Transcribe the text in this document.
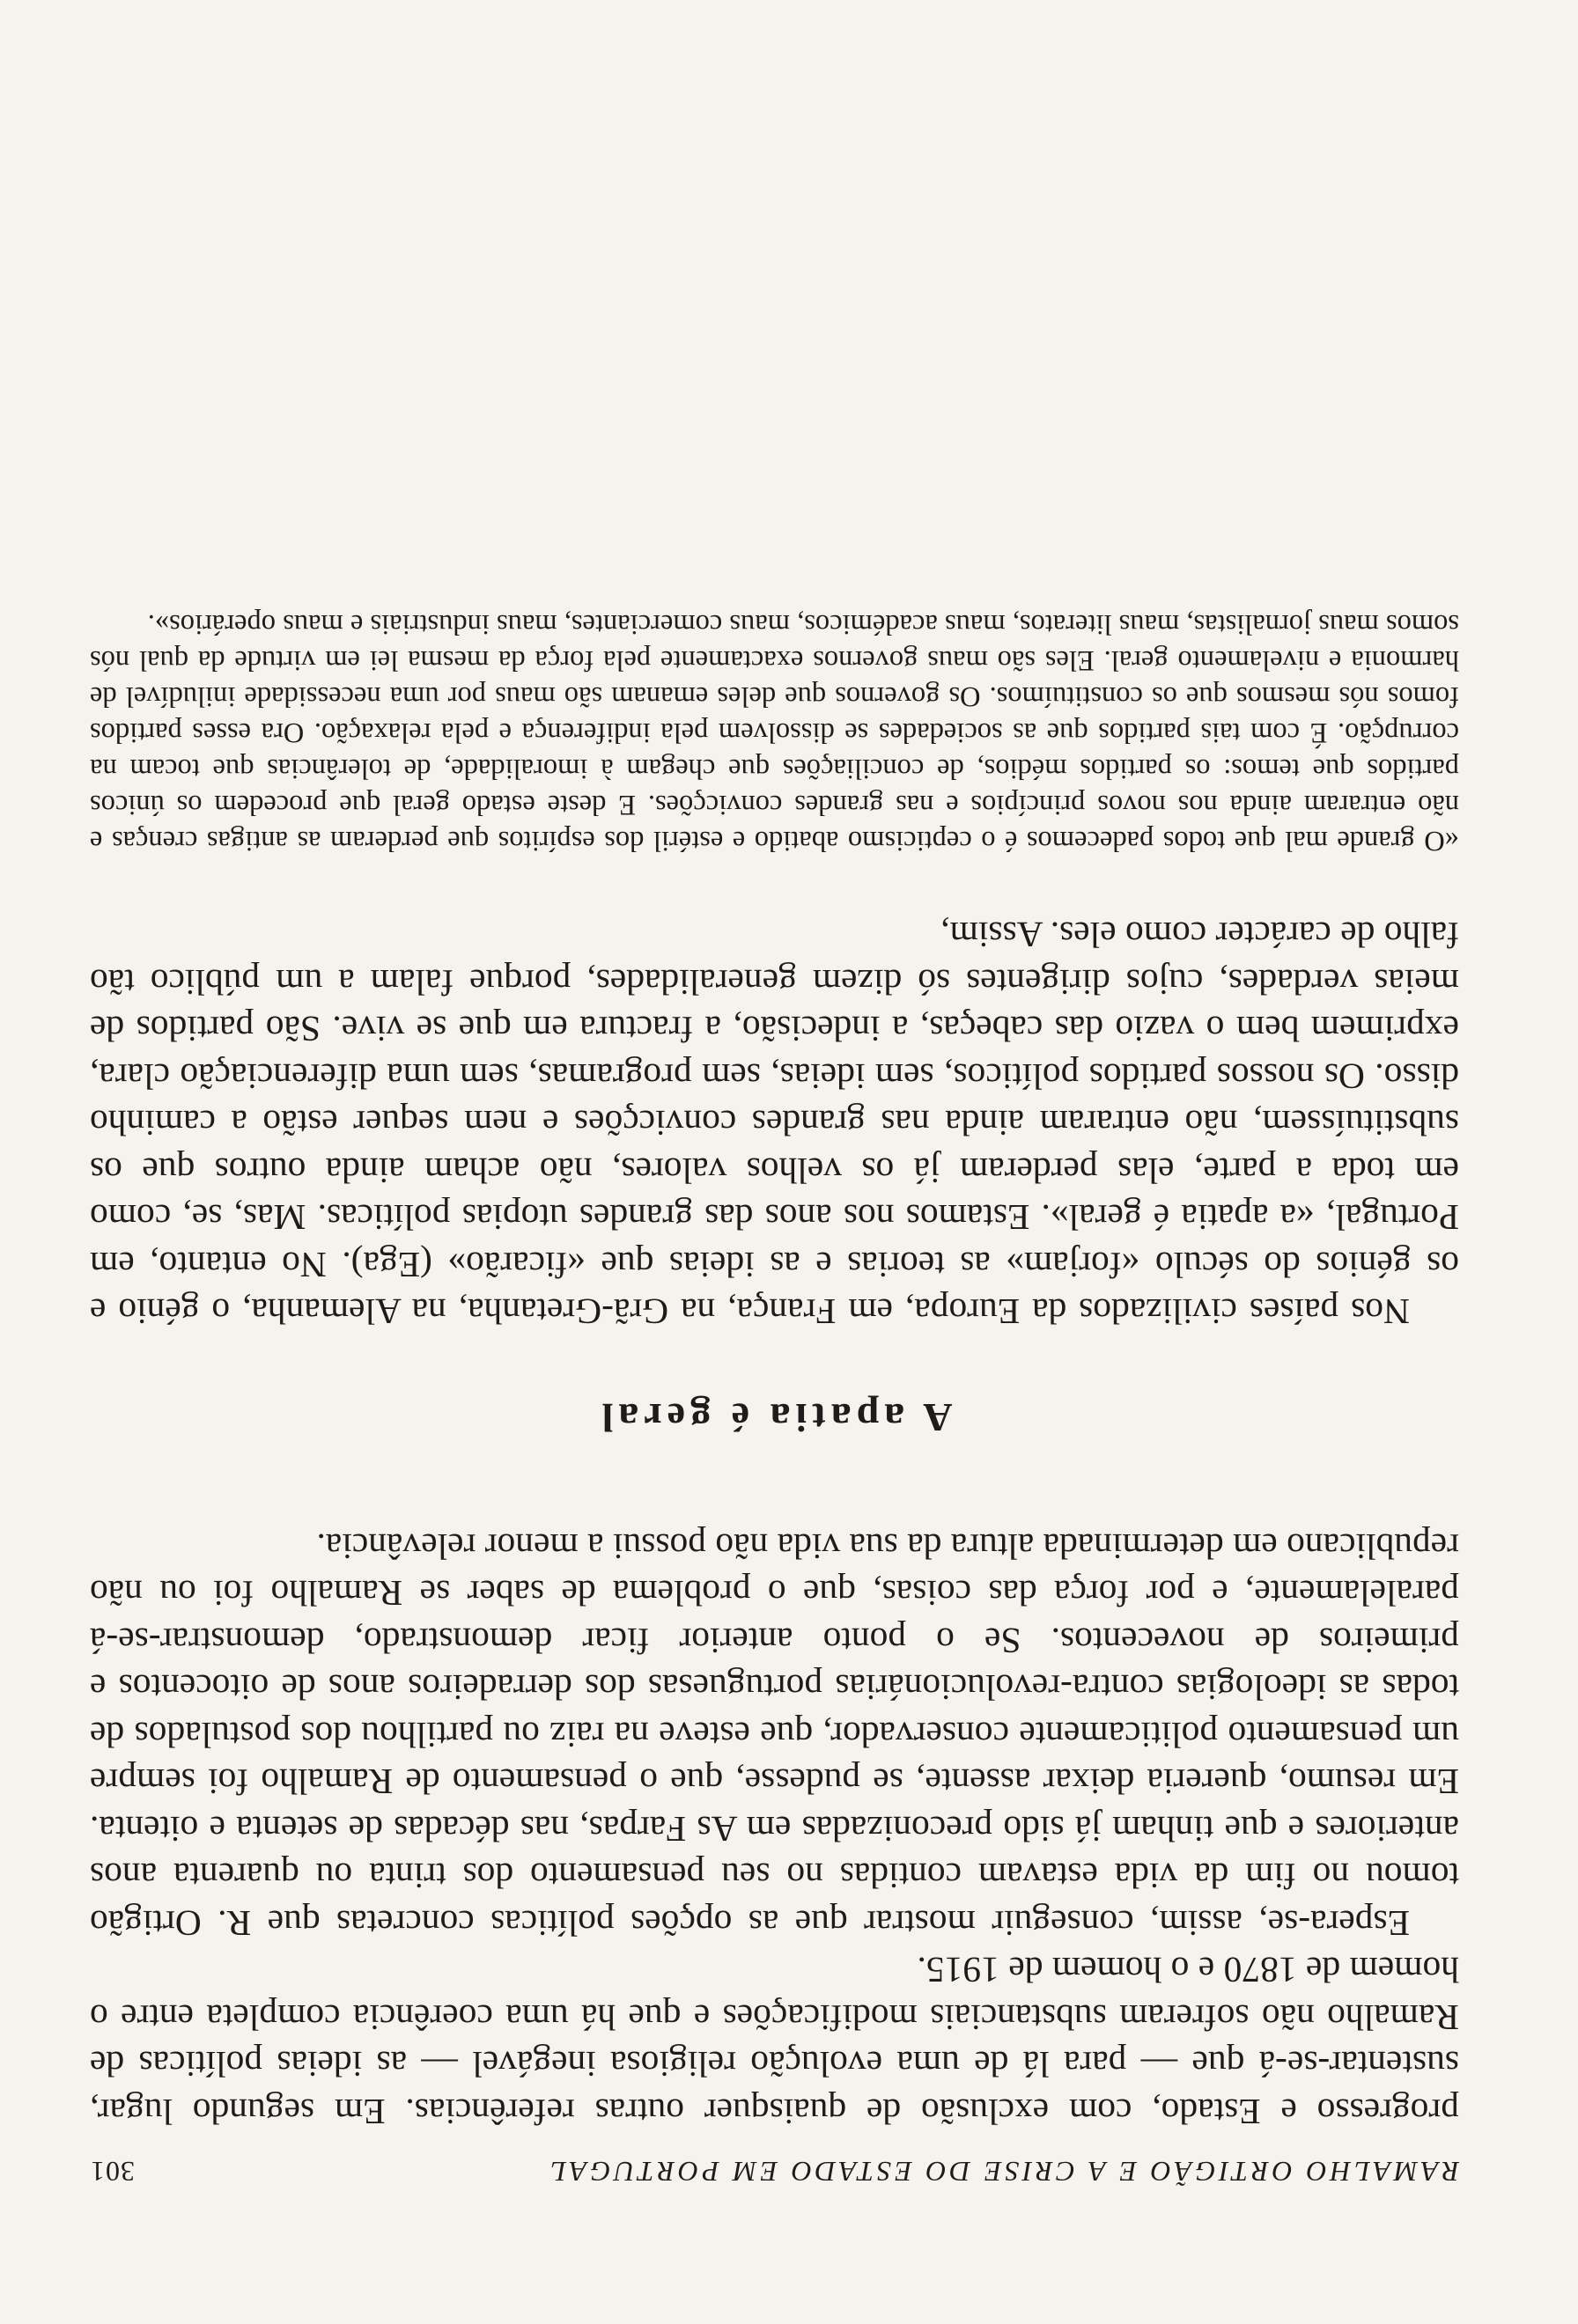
RAMALHO ORTIGÃO E A CRISE DO ESTADO EM PORTUGAL
301

progresso e Estado, com exclusão de quaisquer outras referências. Em segundo lugar, sustentar-se-á que — para lá de uma evolução religiosa inegável — as ideias políticas de Ramalho não sofreram substanciais modificações e que há uma coerência completa entre o homem de 1870 e o homem de 1915.

Espera-se, assim, conseguir mostrar que as opções políticas concretas que R. Ortigão tomou no fim da vida estavam contidas no seu pensamento dos trinta ou quarenta anos anteriores e que tinham já sido preconizadas em As Farpas, nas décadas de setenta e oitenta. Em resumo, quereria deixar assente, se pudesse, que o pensamento de Ramalho foi sempre um pensamento politicamente conservador, que esteve na raiz ou partilhou dos postulados de todas as ideologias contra-revolucionárias portuguesas dos derradeiros anos de oitocentos e primeiros de novecentos. Se o ponto anterior ficar demonstrado, demonstrar-se-á paralelamente, e por força das coisas, que o problema de saber se Ramalho foi ou não republicano em determinada altura da sua vida não possui a menor relevância.

A apatia é geral

Nos países civilizados da Europa, em França, na Grã-Gretanha, na Alemanha, o génio e os génios do século «forjam» as teorias e as ideias que «ficarão» (Ega). No entanto, em Portugal, «a apatia é geral». Estamos nos anos das grandes utopias políticas. Mas, se, como em toda a parte, elas perderam já os velhos valores, não acham ainda outros que os substituíssem, não entraram ainda nas grandes convicções e nem sequer estão a caminho disso. Os nossos partidos políticos, sem ideias, sem programas, sem uma diferenciação clara, exprimem bem o vazio das cabeças, a indecisão, a fractura em que se vive. São partidos de meias verdades, cujos dirigentes só dizem generalidades, porque falam a um público tão falho de carácter como eles. Assim,

«O grande mal que todos padecemos é o cepticismo abatido e estéril dos espíritos que perderam as antigas crenças e não entraram ainda nos novos princípios e nas grandes convicções. E deste estado geral que procedem os únicos partidos que temos: os partidos médios, de conciliações que chegam à imoralidade, de tolerâncias que tocam na corrupção. É com tais partidos que as sociedades se dissolvem pela indiferença e pela relaxação. Ora esses partidos fomos nós mesmos que os constituímos. Os governos que deles emanam são maus por uma necessidade iniludível de harmonia e nivelamento geral. Eles são maus governos exactamente pela força da mesma lei em virtude da qual nós somos maus jornalistas, maus literatos, maus académicos, maus comerciantes, maus industriais e maus operários».
